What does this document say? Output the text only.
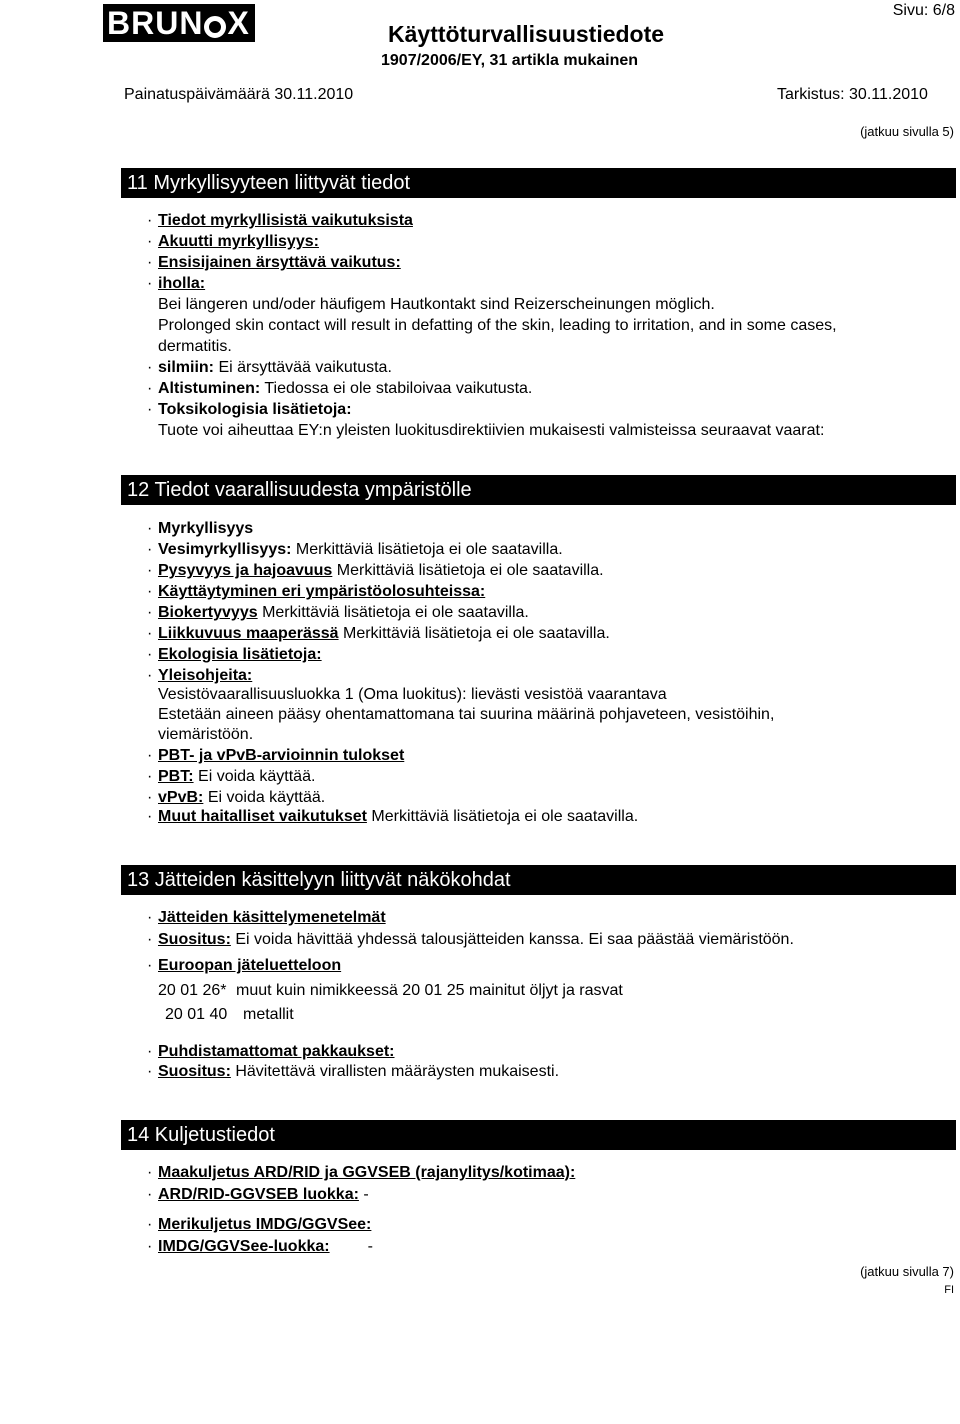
BRUN X	Käyttöturvallisuustiedote
1907/2006/EY, 31 artikla mukainen
Sivu: 6/8
Painatuspäivämäärä 30.11.2010	Tarkistus: 30.11.2010
(jatkuu sivulla 5)
11 Myrkyllisyyteen liittyvät tiedot
· Tiedot myrkyllisistä vaikutuksista
· Akuutti myrkyllisyys:
· Ensisijainen ärsyttävä vaikutus:
· iholla:
Bei längeren und/oder häufigem Hautkontakt sind Reizerscheinungen möglich.
Prolonged skin contact will result in defatting of the skin, leading to irritation, and in some cases,
dermatitis.
· silmiin: Ei ärsyttävää vaikutusta.
· Altistuminen: Tiedossa ei ole stabiloivaa vaikutusta.
· Toksikologisia lisätietoja:
Tuote voi aiheuttaa EY:n yleisten luokitusdirektiivien mukaisesti valmisteissa seuraavat vaarat:
12 Tiedot vaarallisuudesta ympäristölle
· Myrkyllisyys
· Vesimyrkyllisyys: Merkittäviä lisätietoja ei ole saatavilla.
· Pysyvyys ja hajoavuus Merkittäviä lisätietoja ei ole saatavilla.
· Käyttäytyminen eri ympäristöolosuhteissa:
· Biokertyvyys Merkittäviä lisätietoja ei ole saatavilla.
· Liikkuvuus maaperässä Merkittäviä lisätietoja ei ole saatavilla.
· Ekologisia lisätietoja:
· Yleisohjeita:
Vesistövaarallisuusluokka 1 (Oma luokitus): lievästi vesistöä vaarantava
Estetään aineen pääsy ohentamattomana tai suurina määrinä pohjaveteen, vesistöihin,
viemäristöön.
· PBT- ja vPvB-arvioinnin tulokset
· PBT: Ei voida käyttää.
· vPvB: Ei voida käyttää.
· Muut haitalliset vaikutukset Merkittäviä lisätietoja ei ole saatavilla.
13 Jätteiden käsittelyyn liittyvät näkökohdat
· Jätteiden käsittelymenetelmät
· Suositus: Ei voida hävittää yhdessä talousjätteiden kanssa. Ei saa päästää viemäristöön.
· Euroopan jäteluetteloon
20 01 26* muut kuin nimikkeessä 20 01 25 mainitut öljyt ja rasvat
20 01 40 metallit
· Puhdistamattomat pakkaukset:
· Suositus: Hävitettävä virallisten määräysten mukaisesti.
14 Kuljetustiedot
· Maakuljetus ARD/RID ja GGVSEB (rajanylitys/kotimaa):
· ARD/RID-GGVSEB luokka: -
· Merikuljetus IMDG/GGVSee:
· IMDG/GGVSee-luokka: -
(jatkuu sivulla 7)
FI
